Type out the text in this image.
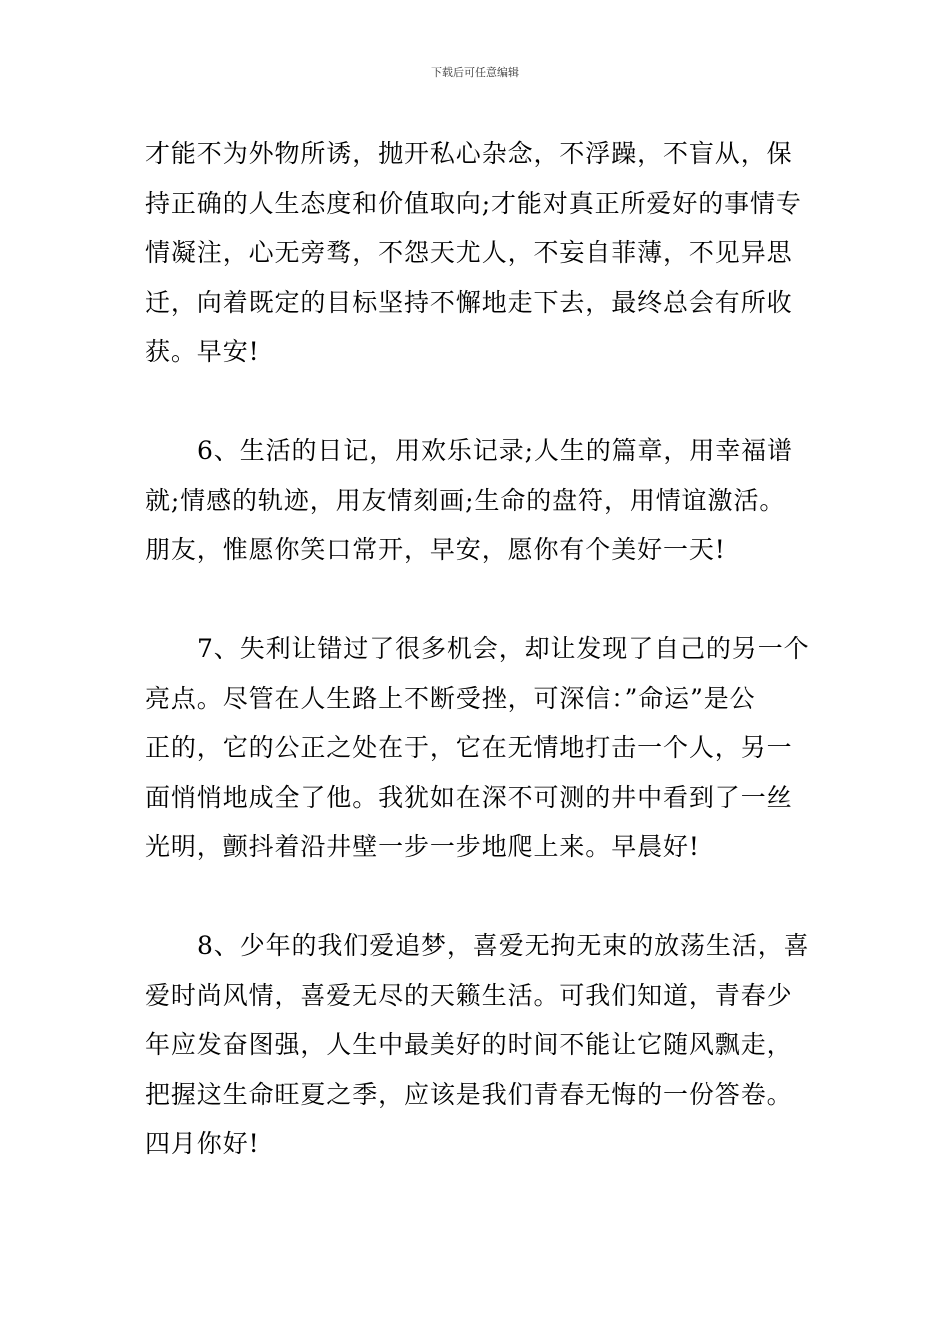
下载后可任意编辑

才能不为外物所诱，抛开私心杂念，不浮躁，不盲从，保
持正确的人生态度和价值取向;才能对真正所爱好的事情专
情凝注，心无旁骛，不怨天尤人，不妄自菲薄，不见异思
迁，向着既定的目标坚持不懈地走下去，最终总会有所收
获。早安!

6、生活的日记，用欢乐记录;人生的篇章，用幸福谱
就;情感的轨迹，用友情刻画;生命的盘符，用情谊激活。
朋友，惟愿你笑口常开，早安，愿你有个美好一天!

7、失利让错过了很多机会，却让发现了自己的另一个
亮点。尽管在人生路上不断受挫，可深信：”命运”是公
正的，它的公正之处在于，它在无情地打击一个人，另一
面悄悄地成全了他。我犹如在深不可测的井中看到了一丝
光明，颤抖着沿井壁一步一步地爬上来。早晨好!

8、少年的我们爱追梦，喜爱无拘无束的放荡生活，喜
爱时尚风情，喜爱无尽的天籁生活。可我们知道，青春少
年应发奋图强，人生中最美好的时间不能让它随风飘走，
把握这生命旺夏之季，应该是我们青春无悔的一份答卷。
四月你好!
